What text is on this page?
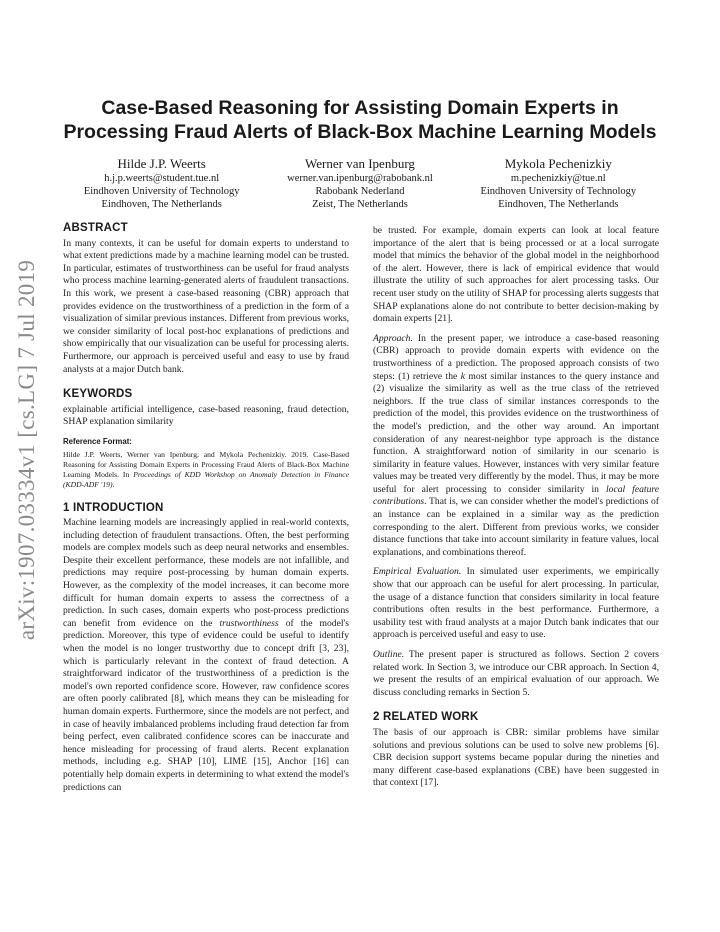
arXiv:1907.03334v1 [cs.LG] 7 Jul 2019
Case-Based Reasoning for Assisting Domain Experts in Processing Fraud Alerts of Black-Box Machine Learning Models
Hilde J.P. Weerts
h.j.p.weerts@student.tue.nl
Eindhoven University of Technology
Eindhoven, The Netherlands
Werner van Ipenburg
werner.van.ipenburg@rabobank.nl
Rabobank Nederland
Zeist, The Netherlands
Mykola Pechenizkiy
m.pechenizkiy@tue.nl
Eindhoven University of Technology
Eindhoven, The Netherlands
ABSTRACT

In many contexts, it can be useful for domain experts to understand to what extent predictions made by a machine learning model can be trusted. In particular, estimates of trustworthiness can be useful for fraud analysts who process machine learning-generated alerts of fraudulent transactions. In this work, we present a case-based reasoning (CBR) approach that provides evidence on the trustworthiness of a prediction in the form of a visualization of similar previous instances. Different from previous works, we consider similarity of local post-hoc explanations of predictions and show empirically that our visualization can be useful for processing alerts. Furthermore, our approach is perceived useful and easy to use by fraud analysts at a major Dutch bank.

KEYWORDS

explainable artificial intelligence, case-based reasoning, fraud detection, SHAP explanation similarity

Reference Format:

Hilde J.P. Weerts, Werner van Ipenburg, and Mykola Pechenizkiy. 2019. Case-Based Reasoning for Assisting Domain Experts in Processing Fraud Alerts of Black-Box Machine Learning Models. In Proceedings of KDD Workshop on Anomaly Detection in Finance (KDD-ADF '19).

1 INTRODUCTION

Machine learning models are increasingly applied in real-world contexts, including detection of fraudulent transactions. Often, the best performing models are complex models such as deep neural networks and ensembles. Despite their excellent performance, these models are not infallible, and predictions may require post-processing by human domain experts. However, as the complexity of the model increases, it can become more difficult for human domain experts to assess the correctness of a prediction. In such cases, domain experts who post-process predictions can benefit from evidence on the trustworthiness of the model's prediction. Moreover, this type of evidence could be useful to identify when the model is no longer trustworthy due to concept drift [3, 23], which is particularly relevant in the context of fraud detection. A straightforward indicator of the trustworthiness of a prediction is the model's own reported confidence score. However, raw confidence scores are often poorly calibrated [8], which means they can be misleading for human domain experts. Furthermore, since the models are not perfect, and in case of heavily imbalanced problems including fraud detection far from being perfect, even calibrated confidence scores can be inaccurate and hence misleading for processing of fraud alerts. Recent explanation methods, including e.g. SHAP [10], LIME [15], Anchor [16] can potentially help domain experts in determining to what extend the model's predictions can

be trusted. For example, domain experts can look at local feature importance of the alert that is being processed or at a local surrogate model that mimics the behavior of the global model in the neighborhood of the alert. However, there is lack of empirical evidence that would illustrate the utility of such approaches for alert processing tasks. Our recent user study on the utility of SHAP for processing alerts suggests that SHAP explanations alone do not contribute to better decision-making by domain experts [21].

Approach. In the present paper, we introduce a case-based reasoning (CBR) approach to provide domain experts with evidence on the trustworthiness of a prediction. The proposed approach consists of two steps: (1) retrieve the k most similar instances to the query instance and (2) visualize the similarity as well as the true class of the retrieved neighbors. If the true class of similar instances corresponds to the prediction of the model, this provides evidence on the trustworthiness of the model's prediction, and the other way around. An important consideration of any nearest-neighbor type approach is the distance function. A straightforward notion of similarity in our scenario is similarity in feature values. However, instances with very similar feature values may be treated very differently by the model. Thus, it may be more useful for alert processing to consider similarity in local feature contributions. That is, we can consider whether the model's predictions of an instance can be explained in a similar way as the prediction corresponding to the alert. Different from previous works, we consider distance functions that take into account similarity in feature values, local explanations, and combinations thereof.

Empirical Evaluation. In simulated user experiments, we empirically show that our approach can be useful for alert processing. In particular, the usage of a distance function that considers similarity in local feature contributions often results in the best performance. Furthermore, a usability test with fraud analysts at a major Dutch bank indicates that our approach is perceived useful and easy to use.

Outline. The present paper is structured as follows. Section 2 covers related work. In Section 3, we introduce our CBR approach. In Section 4, we present the results of an empirical evaluation of our approach. We discuss concluding remarks in Section 5.

2 RELATED WORK

The basis of our approach is CBR: similar problems have similar solutions and previous solutions can be used to solve new problems [6]. CBR decision support systems became popular during the nineties and many different case-based explanations (CBE) have been suggested in that context [17].
